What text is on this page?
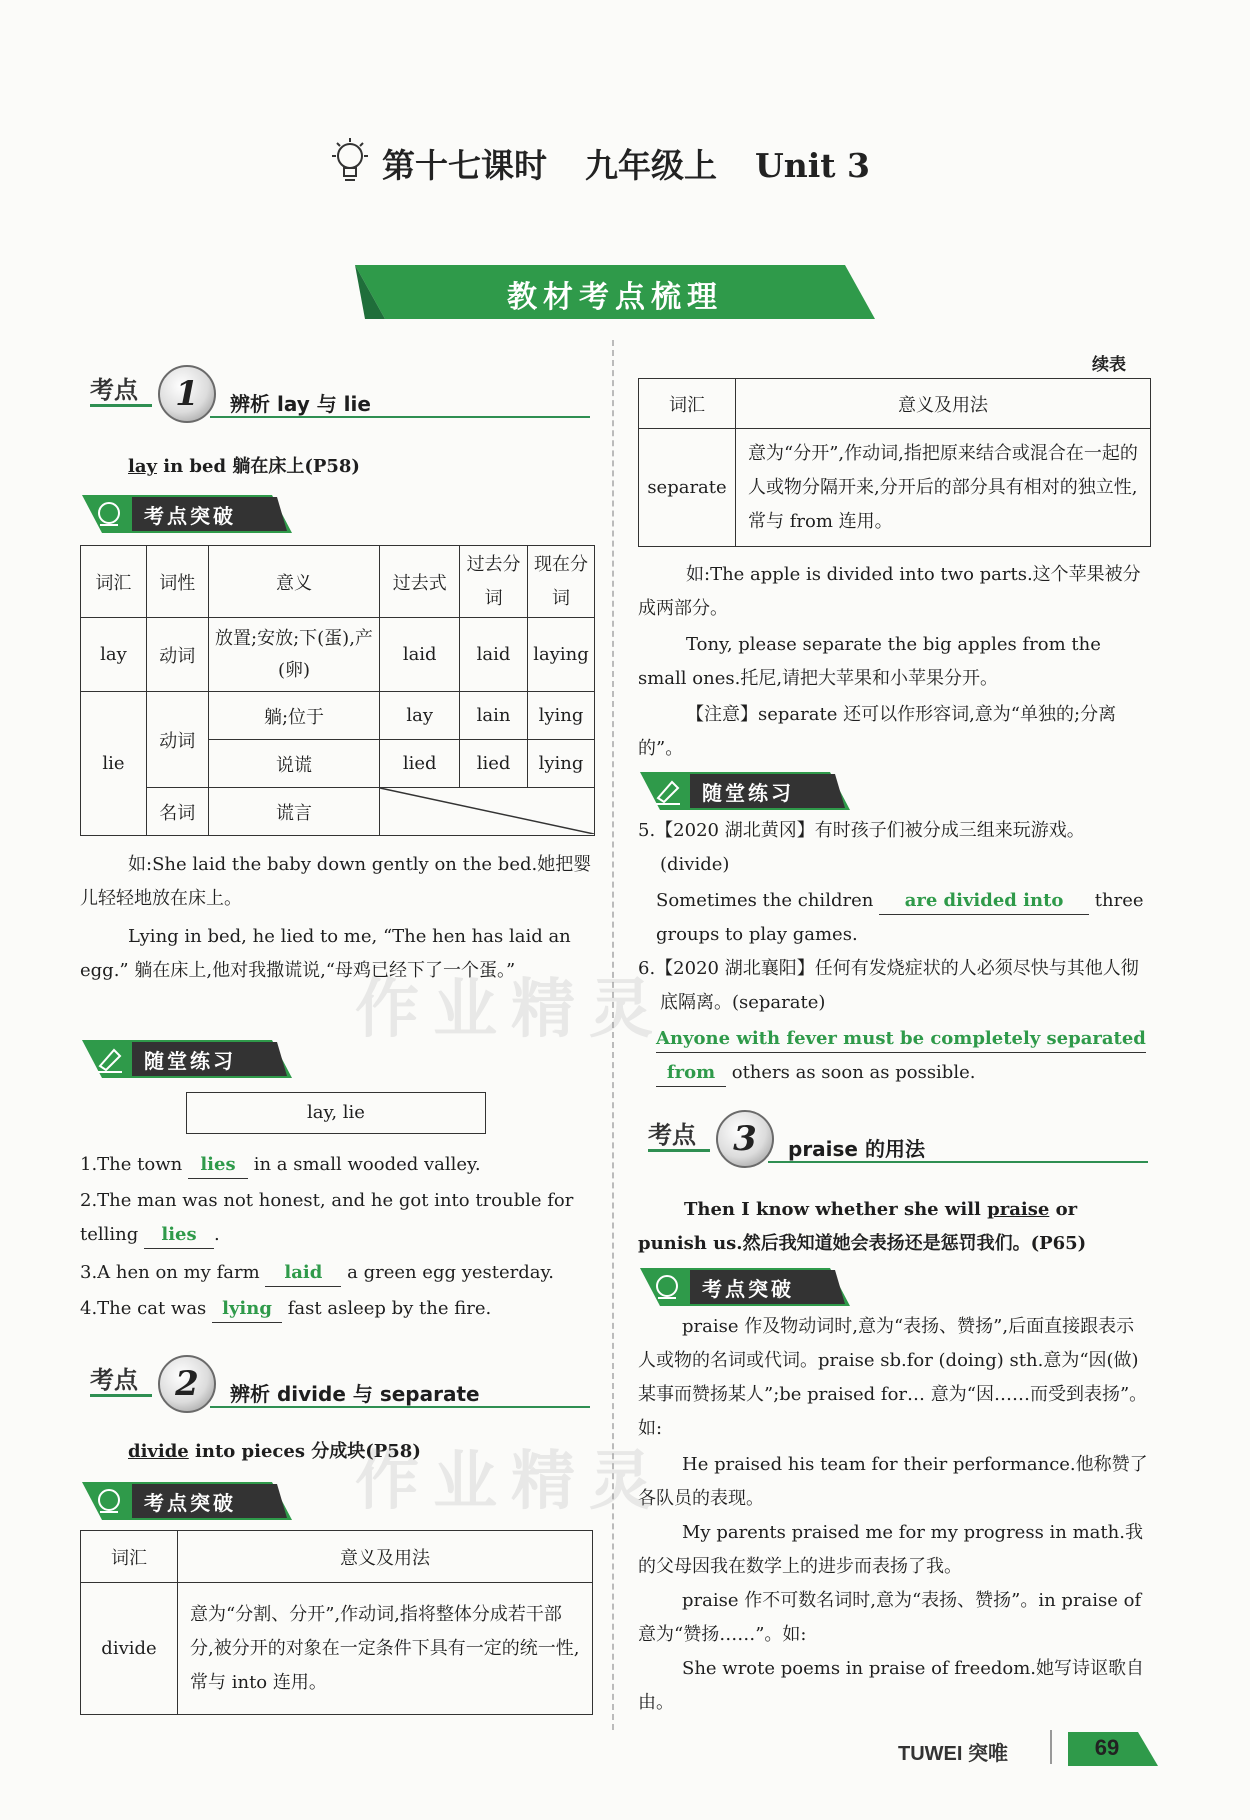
第十七课时 九年级上 Unit 3
教材考点梳理
考点	1	辨析 lay 与 lie
lay in bed 躺在床上(P58)
考点突破
词汇	词性	意义	过去式	过去分词	现在分词
lay	动词	放置;安放;下(蛋),产(卵)	laid	laid	laying
lie	动词	躺;位于	lay	lain	lying
		说谎	lied	lied	lying
	名词	谎言	
如:She laid the baby down gently on the bed.她把婴儿轻轻地放在床上。
Lying in bed, he lied to me, “The hen has laid an egg.” 躺在床上,他对我撒谎说,“母鸡已经下了一个蛋。”
随堂练习
lay, lie
1.The town lies in a small wooded valley.
2.The man was not honest, and he got into trouble for telling lies .
3.A hen on my farm laid a green egg yesterday.
4.The cat was lying fast asleep by the fire.
考点	2	辨析 divide 与 separate
divide into pieces 分成块(P58)
考点突破
词汇	意义及用法
divide	意为“分割、分开”,作动词,指将整体分成若干部分,被分开的对象在一定条件下具有一定的统一性,常与 into 连用。
续表
词汇	意义及用法
separate	意为“分开”,作动词,指把原来结合或混合在一起的人或物分隔开来,分开后的部分具有相对的独立性,常与 from 连用。
如:The apple is divided into two parts.这个苹果被分成两部分。
Tony, please separate the big apples from the small ones.托尼,请把大苹果和小苹果分开。
【注意】separate 还可以作形容词,意为“单独的;分离的”。
随堂练习
5.【2020 湖北黄冈】有时孩子们被分成三组来玩游戏。(divide)
Sometimes the children are divided into three groups to play games.
6.【2020 湖北襄阳】任何有发烧症状的人必须尽快与其他人彻底隔离。(separate)
Anyone with fever must be completely separated
from others as soon as possible.
考点	3	praise 的用法
Then I know whether she will praise or punish us.然后我知道她会表扬还是惩罚我们。(P65)
考点突破
praise 作及物动词时,意为“表扬、赞扬”,后面直接跟表示人或物的名词或代词。praise sb.for (doing) sth.意为“因(做)某事而赞扬某人”;be praised for… 意为“因……而受到表扬”。如:
He praised his team for their performance.他称赞了各队员的表现。
My parents praised me for my progress in math.我的父母因我在数学上的进步而表扬了我。
praise 作不可数名词时,意为“表扬、赞扬”。in praise of 意为“赞扬……”。如:
She wrote poems in praise of freedom.她写诗讴歌自由。
作业精灵
作业精灵
TUWEI 突唯	69
